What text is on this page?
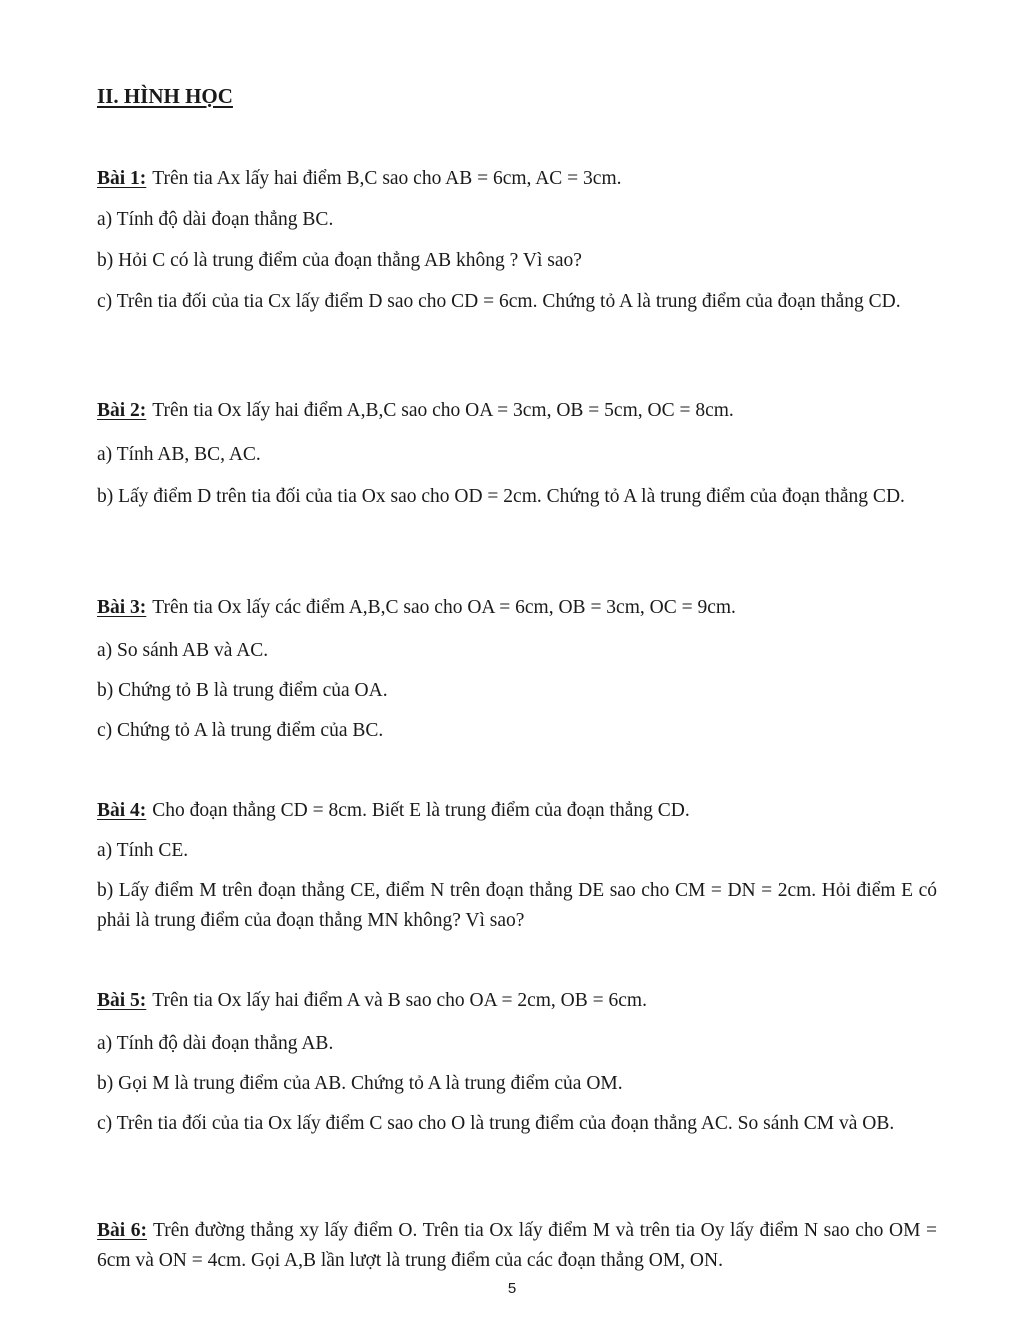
II. HÌNH HỌC
Bài 1: Trên tia Ax lấy hai điểm B,C sao cho AB = 6cm, AC = 3cm.
a) Tính độ dài đoạn thẳng BC.
b) Hỏi C có là trung điểm của đoạn thẳng AB không ? Vì sao?
c) Trên tia đối của tia Cx lấy điểm D sao cho CD = 6cm. Chứng tỏ A là trung điểm của đoạn thẳng CD.
Bài 2: Trên tia Ox lấy hai điểm A,B,C sao cho OA = 3cm, OB = 5cm, OC = 8cm.
a) Tính AB, BC, AC.
b) Lấy điểm D trên tia đối của tia Ox sao cho OD = 2cm. Chứng tỏ A là trung điểm của đoạn thẳng CD.
Bài 3: Trên tia Ox lấy các điểm A,B,C sao cho OA = 6cm, OB = 3cm, OC = 9cm.
a) So sánh AB và AC.
b) Chứng tỏ B là trung điểm của OA.
c) Chứng tỏ A là trung điểm của BC.
Bài 4: Cho đoạn thẳng CD = 8cm. Biết E là trung điểm của đoạn thẳng CD.
a) Tính CE.
b) Lấy điểm M trên đoạn thẳng CE, điểm N trên đoạn thẳng DE sao cho CM = DN = 2cm. Hỏi điểm E có phải là trung điểm của đoạn thẳng MN không? Vì sao?
Bài 5: Trên tia Ox lấy hai điểm A và B sao cho OA = 2cm, OB = 6cm.
a) Tính độ dài đoạn thẳng AB.
b) Gọi M là trung điểm của AB. Chứng tỏ A là trung điểm của OM.
c) Trên tia đối của tia Ox lấy điểm C sao cho O là trung điểm của đoạn thẳng AC. So sánh CM và OB.
Bài 6: Trên đường thẳng xy lấy điểm O. Trên tia Ox lấy điểm M và trên tia Oy lấy điểm N sao cho OM = 6cm và ON = 4cm. Gọi A,B lần lượt là trung điểm của các đoạn thẳng OM, ON.
5
